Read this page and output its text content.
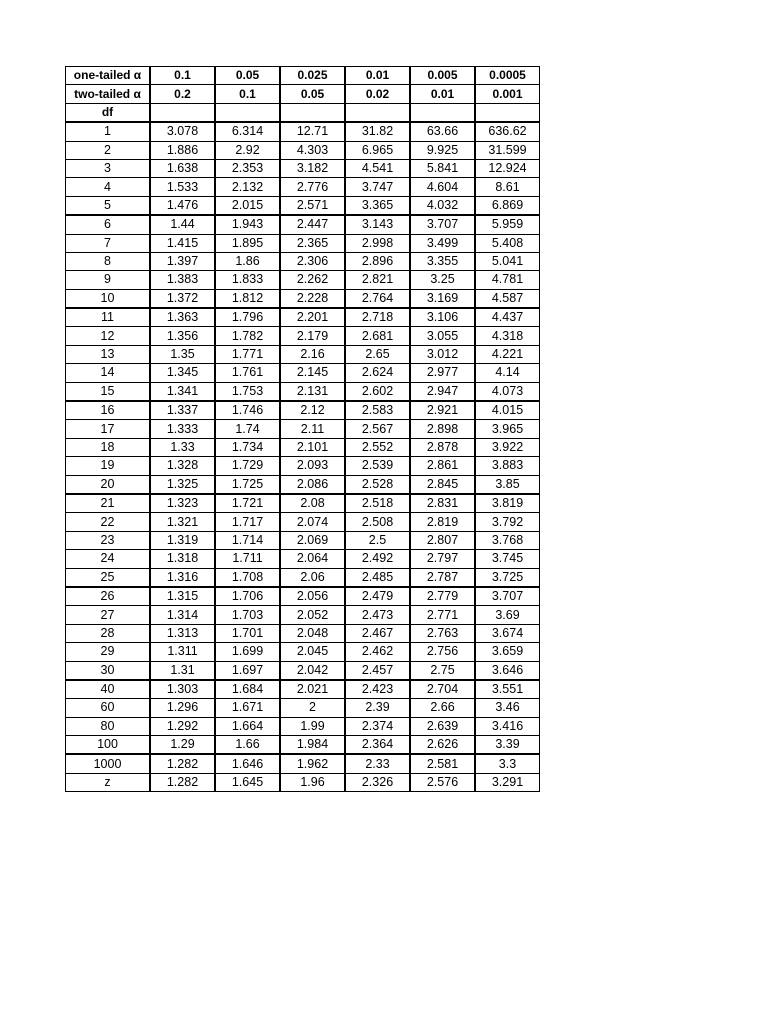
one-tailed α	0.1	0.05	0.025	0.01	0.005	0.0005
two-tailed α	0.2	0.1	0.05	0.02	0.01	0.001
df						
1	3.078	6.314	12.71	31.82	63.66	636.62
2	1.886	2.92	4.303	6.965	9.925	31.599
3	1.638	2.353	3.182	4.541	5.841	12.924
4	1.533	2.132	2.776	3.747	4.604	8.61
5	1.476	2.015	2.571	3.365	4.032	6.869
6	1.44	1.943	2.447	3.143	3.707	5.959
7	1.415	1.895	2.365	2.998	3.499	5.408
8	1.397	1.86	2.306	2.896	3.355	5.041
9	1.383	1.833	2.262	2.821	3.25	4.781
10	1.372	1.812	2.228	2.764	3.169	4.587
11	1.363	1.796	2.201	2.718	3.106	4.437
12	1.356	1.782	2.179	2.681	3.055	4.318
13	1.35	1.771	2.16	2.65	3.012	4.221
14	1.345	1.761	2.145	2.624	2.977	4.14
15	1.341	1.753	2.131	2.602	2.947	4.073
16	1.337	1.746	2.12	2.583	2.921	4.015
17	1.333	1.74	2.11	2.567	2.898	3.965
18	1.33	1.734	2.101	2.552	2.878	3.922
19	1.328	1.729	2.093	2.539	2.861	3.883
20	1.325	1.725	2.086	2.528	2.845	3.85
21	1.323	1.721	2.08	2.518	2.831	3.819
22	1.321	1.717	2.074	2.508	2.819	3.792
23	1.319	1.714	2.069	2.5	2.807	3.768
24	1.318	1.711	2.064	2.492	2.797	3.745
25	1.316	1.708	2.06	2.485	2.787	3.725
26	1.315	1.706	2.056	2.479	2.779	3.707
27	1.314	1.703	2.052	2.473	2.771	3.69
28	1.313	1.701	2.048	2.467	2.763	3.674
29	1.311	1.699	2.045	2.462	2.756	3.659
30	1.31	1.697	2.042	2.457	2.75	3.646
40	1.303	1.684	2.021	2.423	2.704	3.551
60	1.296	1.671	2	2.39	2.66	3.46
80	1.292	1.664	1.99	2.374	2.639	3.416
100	1.29	1.66	1.984	2.364	2.626	3.39
1000	1.282	1.646	1.962	2.33	2.581	3.3
z	1.282	1.645	1.96	2.326	2.576	3.291
